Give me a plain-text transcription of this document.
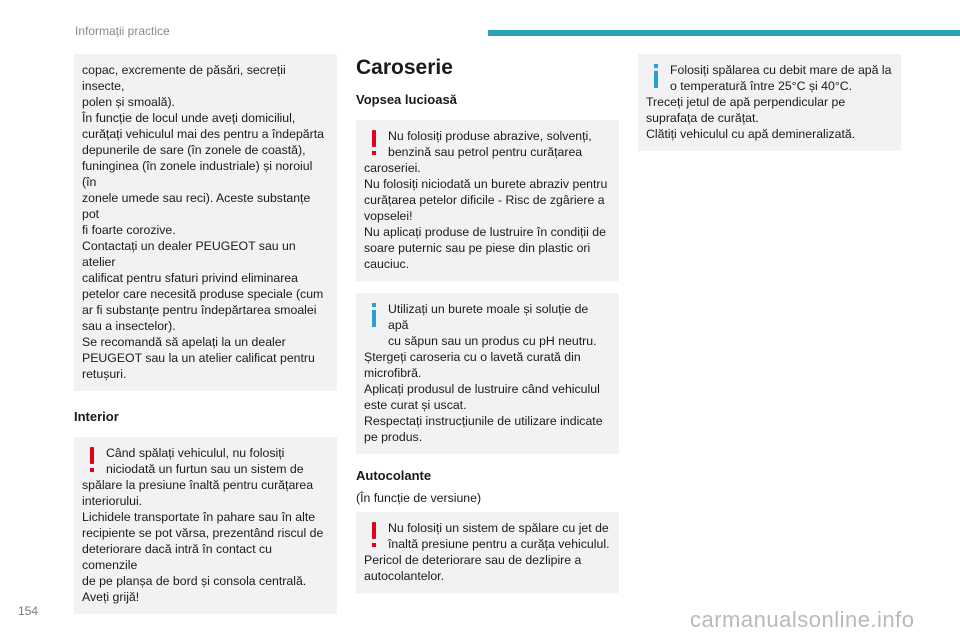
Informații practice
copac, excremente de păsări, secreții insecte,
polen și smoală).
În funcție de locul unde aveți domiciliul,
curățați vehiculul mai des pentru a îndepărta
depunerile de sare (în zonele de coastă),
funinginea (în zonele industriale) și noroiul (în
zonele umede sau reci). Aceste substanțe pot
fi foarte corozive.
Contactați un dealer PEUGEOT sau un atelier
calificat pentru sfaturi privind eliminarea
petelor care necesită produse speciale (cum
ar fi substanțe pentru îndepărtarea smoalei
sau a insectelor).
Se recomandă să apelați la un dealer
PEUGEOT sau la un atelier calificat pentru
retușuri.
Interior
Când spălați vehiculul, nu folosiți
niciodată un furtun sau un sistem de
spălare la presiune înaltă pentru curățarea
interiorului.
Lichidele transportate în pahare sau în alte
recipiente se pot vărsa, prezentând riscul de
deteriorare dacă intră în contact cu comenzile
de pe planșa de bord și consola centrală.
Aveți grijă!
Caroserie
Vopsea lucioasă
Nu folosiți produse abrazive, solvenți,
benzină sau petrol pentru curățarea
caroseriei.
Nu folosiți niciodată un burete abraziv pentru
curățarea petelor dificile - Risc de zgâriere a
vopselei!
Nu aplicați produse de lustruire în condiții de
soare puternic sau pe piese din plastic ori
cauciuc.
Utilizați un burete moale și soluție de apă
cu săpun sau un produs cu pH neutru.
Ștergeți caroseria cu o lavetă curată din
microfibră.
Aplicați produsul de lustruire când vehiculul
este curat și uscat.
Respectați instrucțiunile de utilizare indicate
pe produs.
Autocolante

(În funcție de versiune)

Nu folosiți un sistem de spălare cu jet de
înaltă presiune pentru a curăța vehiculul.
Pericol de deteriorare sau de dezlipire a
autocolantelor.
Folosiți spălarea cu debit mare de apă la
o temperatură între 25°C și 40°C.
Treceți jetul de apă perpendicular pe
suprafața de curățat.
Clătiți vehiculul cu apă demineralizată.
154	carmanualsonline.info
